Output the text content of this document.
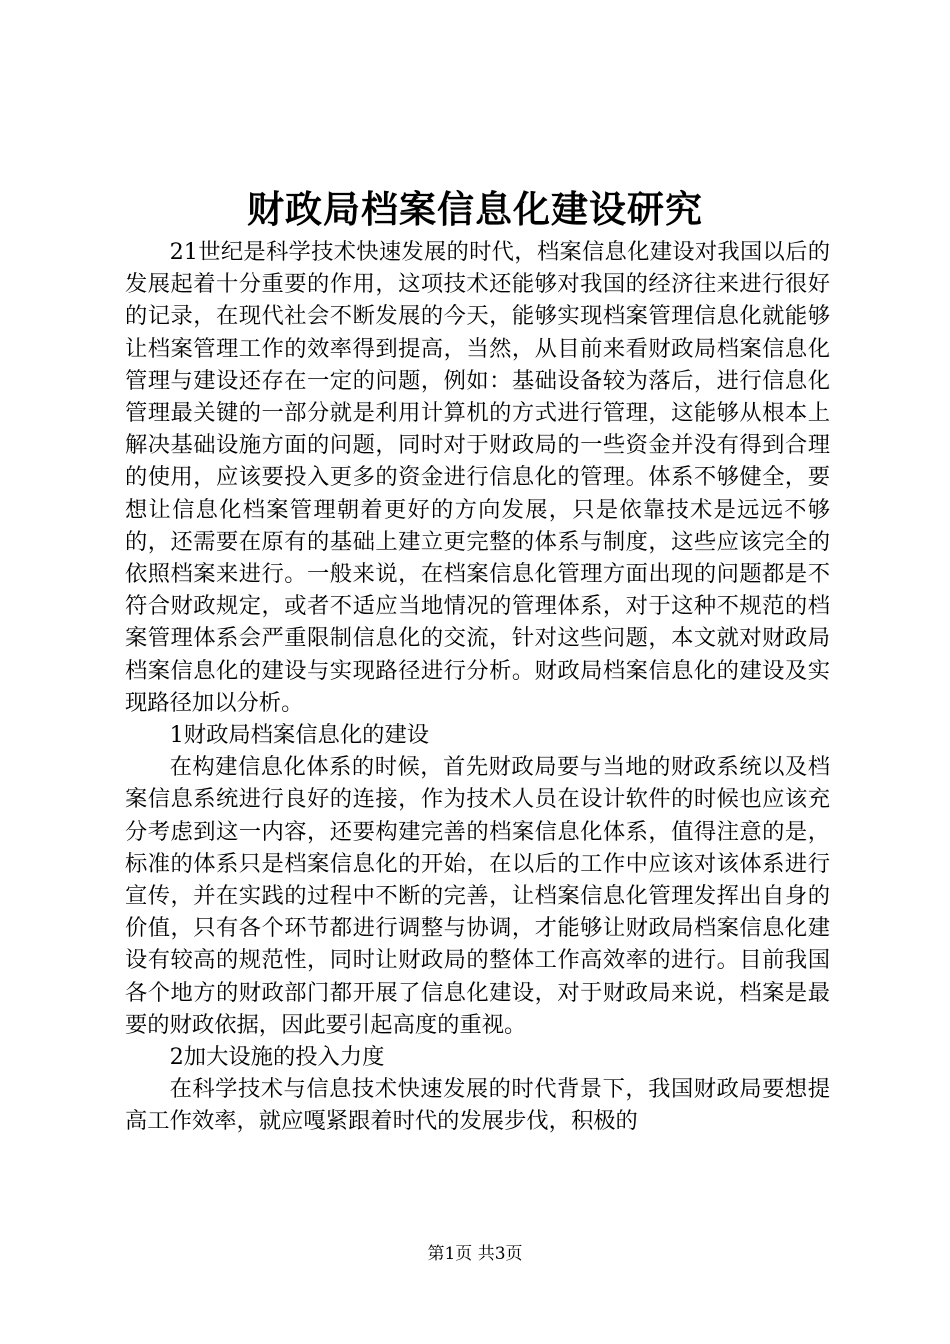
财政局档案信息化建设研究

21世纪是科学技术快速发展的时代，档案信息化建设对我国以后的发展起着十分重要的作用，这项技术还能够对我国的经济往来进行很好的记录，在现代社会不断发展的今天，能够实现档案管理信息化就能够让档案管理工作的效率得到提高，当然，从目前来看财政局档案信息化管理与建设还存在一定的问题，例如：基础设备较为落后，进行信息化管理最关键的一部分就是利用计算机的方式进行管理，这能够从根本上解决基础设施方面的问题，同时对于财政局的一些资金并没有得到合理的使用，应该要投入更多的资金进行信息化的管理。体系不够健全，要想让信息化档案管理朝着更好的方向发展，只是依靠技术是远远不够的，还需要在原有的基础上建立更完整的体系与制度，这些应该完全的依照档案来进行。一般来说，在档案信息化管理方面出现的问题都是不符合财政规定，或者不适应当地情况的管理体系，对于这种不规范的档案管理体系会严重限制信息化的交流，针对这些问题，本文就对财政局档案信息化的建设与实现路径进行分析。财政局档案信息化的建设及实现路径加以分析。

1财政局档案信息化的建设

在构建信息化体系的时候，首先财政局要与当地的财政系统以及档案信息系统进行良好的连接，作为技术人员在设计软件的时候也应该充分考虑到这一内容，还要构建完善的档案信息化体系，值得注意的是，标准的体系只是档案信息化的开始，在以后的工作中应该对该体系进行宣传，并在实践的过程中不断的完善，让档案信息化管理发挥出自身的价值，只有各个环节都进行调整与协调，才能够让财政局档案信息化建设有较高的规范性，同时让财政局的整体工作高效率的进行。目前我国各个地方的财政部门都开展了信息化建设，对于财政局来说，档案是最要的财政依据，因此要引起高度的重视。

2加大设施的投入力度

在科学技术与信息技术快速发展的时代背景下，我国财政局要想提高工作效率，就应嘎紧跟着时代的发展步伐，积极的

第1页 共3页
